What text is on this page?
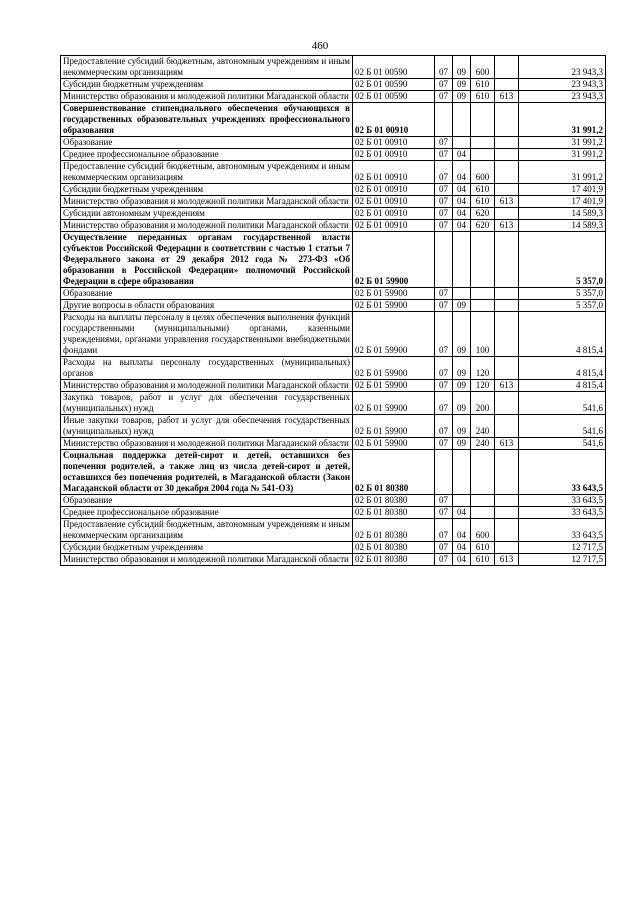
460
Предоставление субсидий бюджетным, автономным учреждениям и иным некоммерческим организациям	02 Б 01 00590	07	09	600		23 943,3
Субсидии бюджетным учреждениям	02 Б 01 00590	07	09	610		23 943,3
Министерство образования и молодежной политики Магаданской области	02 Б 01 00590	07	09	610	613	23 943,3
Совершенствование стипендиального обеспечения обучающихся в государственных образовательных учреждениях профессионального образования	02 Б 01 00910					31 991,2
Образование	02 Б 01 00910	07				31 991,2
Среднее профессиональное образование	02 Б 01 00910	07	04			31 991,2
Предоставление субсидий бюджетным, автономным учреждениям и иным некоммерческим организациям	02 Б 01 00910	07	04	600		31 991,2
Субсидии бюджетным учреждениям	02 Б 01 00910	07	04	610		17 401,9
Министерство образования и молодежной политики Магаданской области	02 Б 01 00910	07	04	610	613	17 401,9
Субсидии автономным учреждениям	02 Б 01 00910	07	04	620		14 589,3
Министерство образования и молодежной политики Магаданской области	02 Б 01 00910	07	04	620	613	14 589,3
Осуществление переданных органам государственной власти субъектов Российской Федерации в соответствии с частью 1 статьи 7 Федерального закона от 29 декабря 2012 года № 273-ФЗ «Об образовании в Российской Федерации» полномочий Российской Федерации в сфере образования	02 Б 01 59900					5 357,0
Образование	02 Б 01 59900	07				5 357,0
Другие вопросы в области образования	02 Б 01 59900	07	09			5 357,0
Расходы на выплаты персоналу в целях обеспечения выполнения функций государственными (муниципальными) органами, казенными учреждениями, органами управления государственными внебюджетными фондами	02 Б 01 59900	07	09	100		4 815,4
Расходы на выплаты персоналу государственных (муниципальных) органов	02 Б 01 59900	07	09	120		4 815,4
Министерство образования и молодежной политики Магаданской области	02 Б 01 59900	07	09	120	613	4 815,4
Закупка товаров, работ и услуг для обеспечения государственных (муниципальных) нужд	02 Б 01 59900	07	09	200		541,6
Иные закупки товаров, работ и услуг для обеспечения государственных (муниципальных) нужд	02 Б 01 59900	07	09	240		541,6
Министерство образования и молодежной политики Магаданской области	02 Б 01 59900	07	09	240	613	541,6
Социальная поддержка детей-сирот и детей, оставшихся без попечения родителей, а также лиц из числа детей-сирот и детей, оставшихся без попечения родителей, в Магаданской области (Закон Магаданской области от 30 декабря 2004 года № 541-ОЗ)	02 Б 01 80380					33 643,5
Образование	02 Б 01 80380	07				33 643,5
Среднее профессиональное образование	02 Б 01 80380	07	04			33 643,5
Предоставление субсидий бюджетным, автономным учреждениям и иным некоммерческим организациям	02 Б 01 80380	07	04	600		33 643,5
Субсидии бюджетным учреждениям	02 Б 01 80380	07	04	610		12 717,5
Министерство образования и молодежной политики Магаданской области	02 Б 01 80380	07	04	610	613	12 717,5
